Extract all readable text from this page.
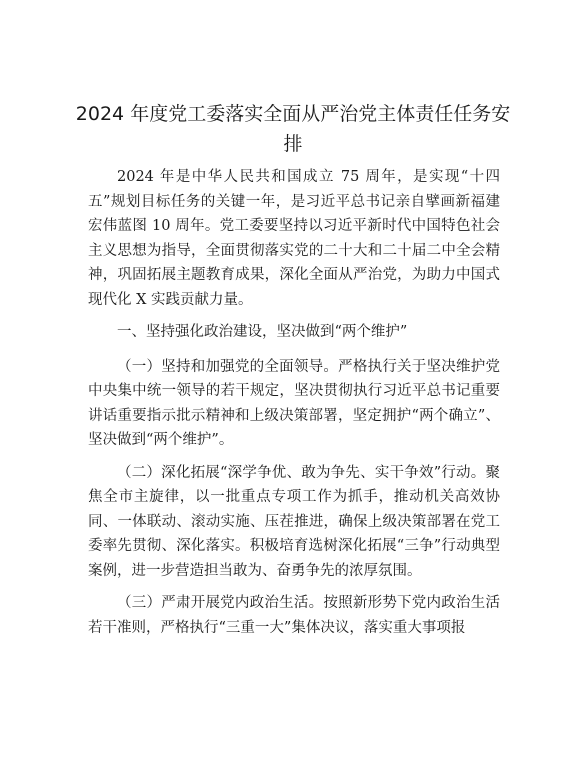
2024 年度党工委落实全面从严治党主体责任任务安排

2024 年是中华人民共和国成立 75 周年，是实现“十四五”规划目标任务的关键一年，是习近平总书记亲自擘画新福建宏伟蓝图 10 周年。党工委要坚持以习近平新时代中国特色社会主义思想为指导，全面贯彻落实党的二十大和二十届二中全会精神，巩固拓展主题教育成果，深化全面从严治党，为助力中国式现代化 X 实践贡献力量。

一、坚持强化政治建设，坚决做到“两个维护”

（一）坚持和加强党的全面领导。严格执行关于坚决维护党中央集中统一领导的若干规定，坚决贯彻执行习近平总书记重要讲话重要指示批示精神和上级决策部署，坚定拥护“两个确立”、坚决做到“两个维护”。

（二）深化拓展“深学争优、敢为争先、实干争效”行动。聚焦全市主旋律，以一批重点专项工作为抓手，推动机关高效协同、一体联动、滚动实施、压茬推进，确保上级决策部署在党工委率先贯彻、深化落实。积极培育选树深化拓展“三争”行动典型案例，进一步营造担当敢为、奋勇争先的浓厚氛围。

（三）严肃开展党内政治生活。按照新形势下党内政治生活若干准则，严格执行“三重一大”集体决议，落实重大事项报
